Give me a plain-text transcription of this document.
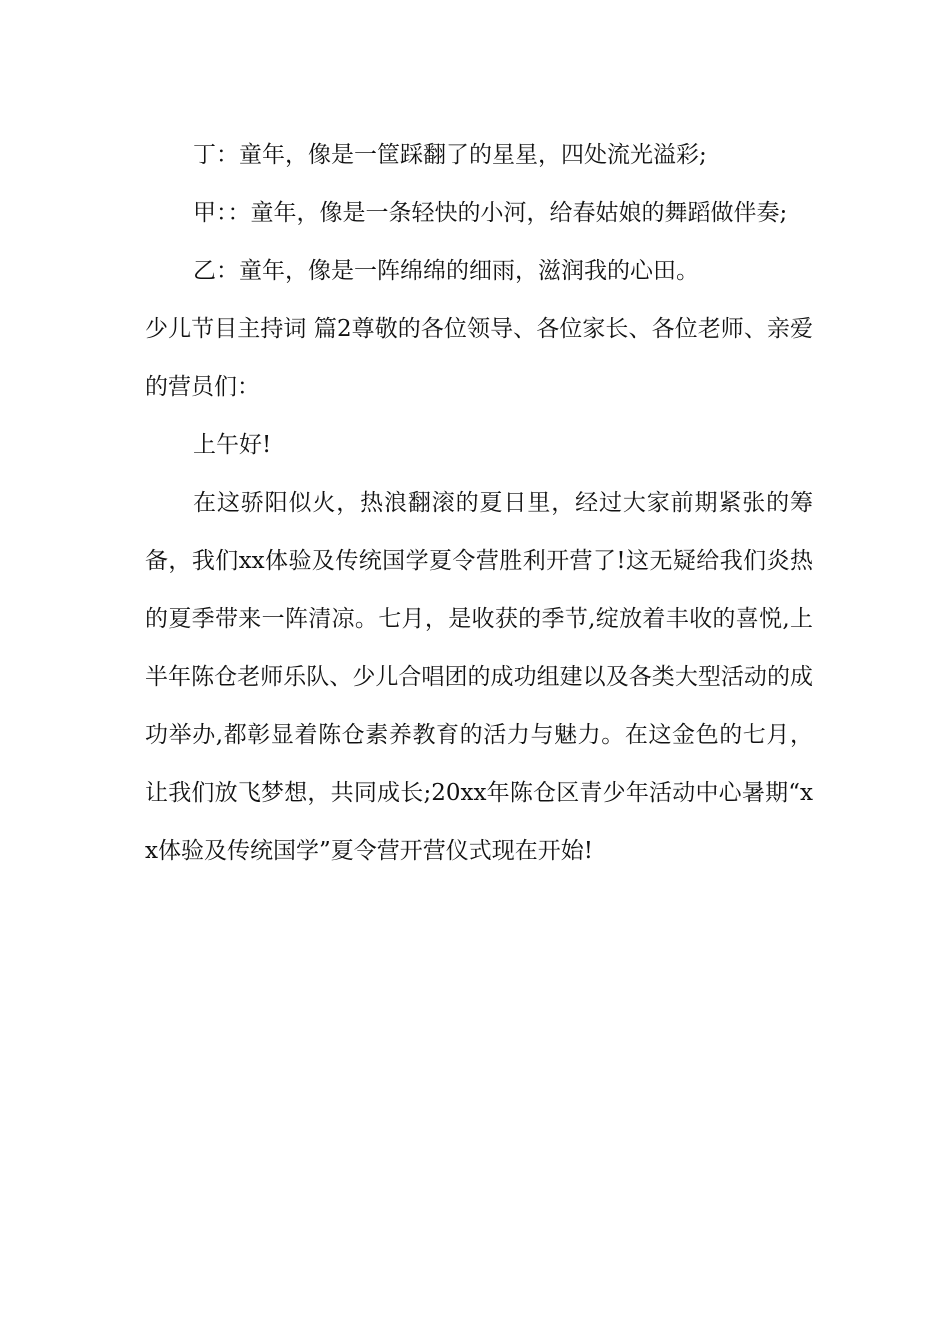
丁：童年，像是一筐踩翻了的星星，四处流光溢彩;

甲：：童年，像是一条轻快的小河，给春姑娘的舞蹈做伴奏;

乙：童年，像是一阵绵绵的细雨，滋润我的心田。

少儿节目主持词 篇2尊敬的各位领导、各位家长、各位老师、亲爱的营员们：

上午好!

在这骄阳似火，热浪翻滚的夏日里，经过大家前期紧张的筹备，我们xx体验及传统国学夏令营胜利开营了!这无疑给我们炎热的夏季带来一阵清凉。七月，是收获的季节,绽放着丰收的喜悦,上半年陈仓老师乐队、少儿合唱团的成功组建以及各类大型活动的成功举办,都彰显着陈仓素养教育的活力与魅力。在这金色的七月，让我们放飞梦想，共同成长;20xx年陈仓区青少年活动中心暑期“xx体验及传统国学”夏令营开营仪式现在开始!
